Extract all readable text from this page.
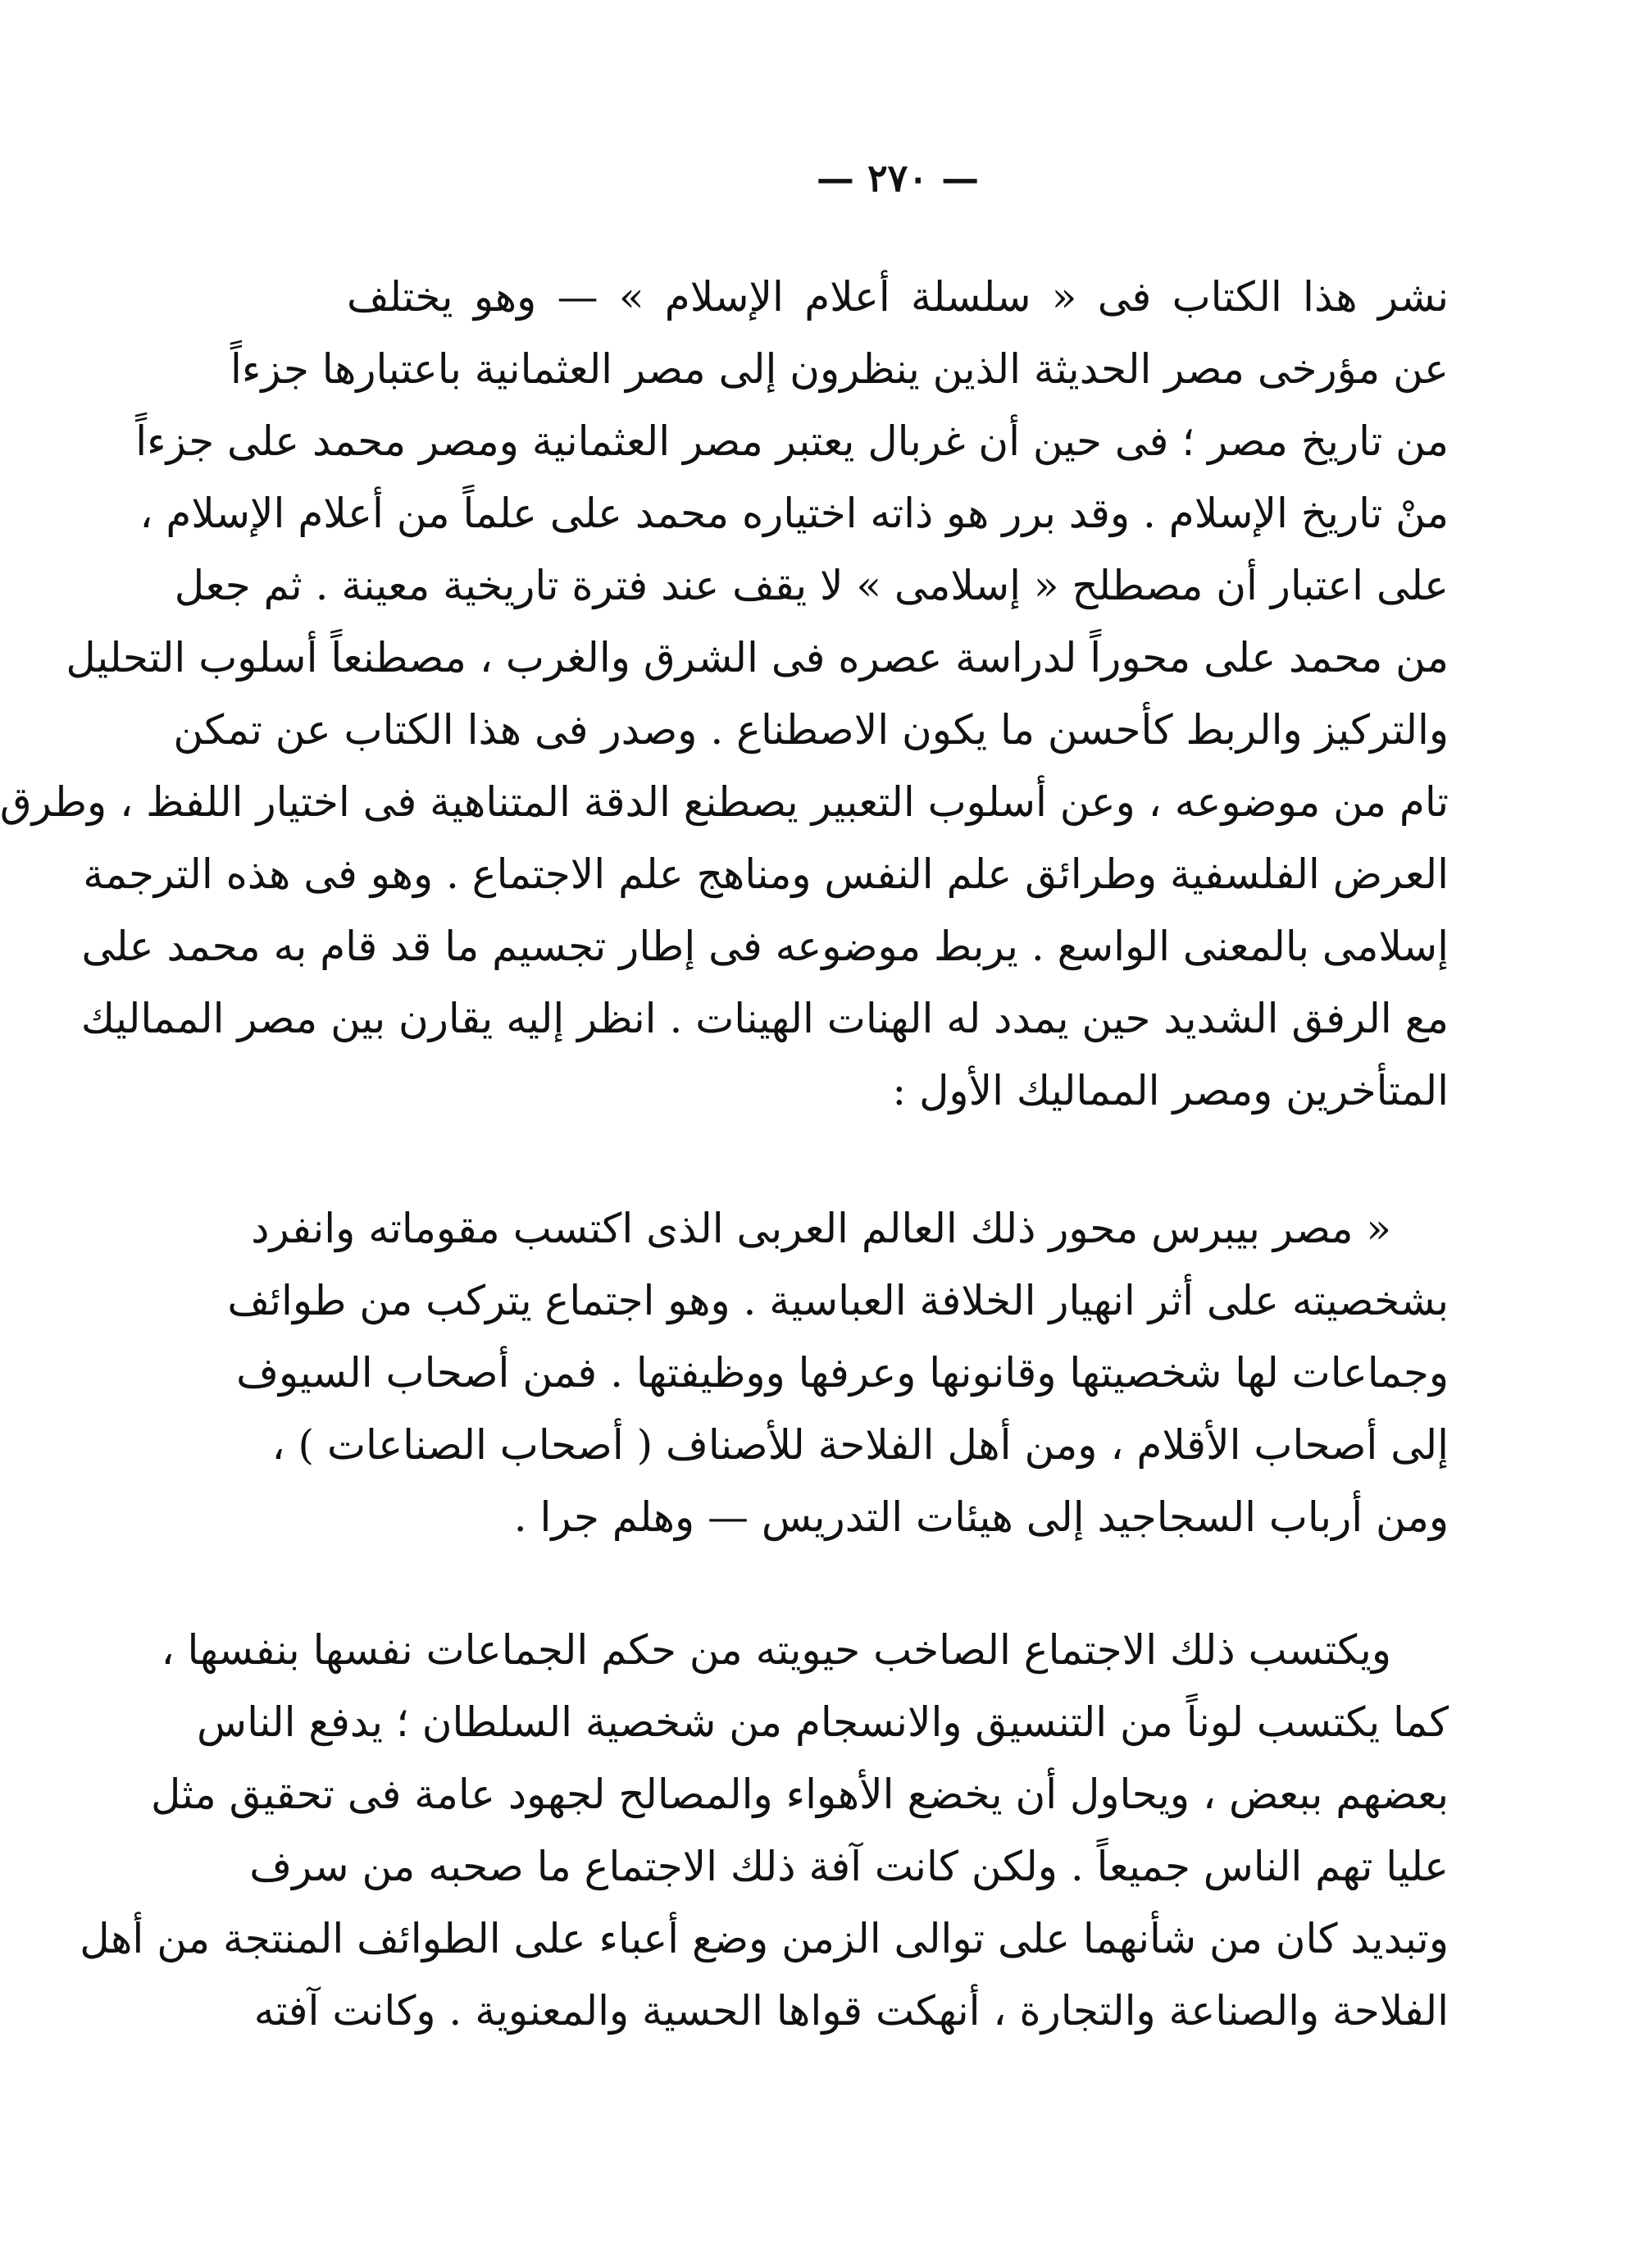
— ٢٧٠ —
نشر هذا الكتاب فى « سلسلة أعلام الإسلام » — وهو يختلف
عن مؤرخى مصر الحديثة الذين ينظرون إلى مصر العثمانية باعتبارها جزءاً
من تاريخ مصر ؛ فى حين أن غربال يعتبر مصر العثمانية ومصر محمد على جزءاً
منْ تاريخ الإسلام . وقد برر هو ذاته اختياره محمد على علماً من أعلام الإسلام ،
على اعتبار أن مصطلح « إسلامى » لا يقف عند فترة تاريخية معينة . ثم جعل
من محمد على محوراً لدراسة عصره فى الشرق والغرب ، مصطنعاً أسلوب التحليل
والتركيز والربط كأحسن ما يكون الاصطناع . وصدر فى هذا الكتاب عن تمكن
تام من موضوعه ، وعن أسلوب التعبير يصطنع الدقة المتناهية فى اختيار اللفظ ، وطرق
العرض الفلسفية وطرائق علم النفس ومناهج علم الاجتماع . وهو فى هذه الترجمة
إسلامى بالمعنى الواسع . يربط موضوعه فى إطار تجسيم ما قد قام به محمد على
مع الرفق الشديد حين يمدد له الهنات الهينات . انظر إليه يقارن بين مصر المماليك
المتأخرين ومصر المماليك الأول :
« مصر بيبرس محور ذلك العالم العربى الذى اكتسب مقوماته وانفرد
بشخصيته على أثر انهيار الخلافة العباسية . وهو اجتماع يتركب من طوائف
وجماعات لها شخصيتها وقانونها وعرفها ووظيفتها . فمن أصحاب السيوف
إلى أصحاب الأقلام ، ومن أهل الفلاحة للأصناف ( أصحاب الصناعات ) ،
ومن أرباب السجاجيد إلى هيئات التدريس — وهلم جرا .
ويكتسب ذلك الاجتماع الصاخب حيويته من حكم الجماعات نفسها بنفسها ،
كما يكتسب لوناً من التنسيق والانسجام من شخصية السلطان ؛ يدفع الناس
بعضهم ببعض ، ويحاول أن يخضع الأهواء والمصالح لجهود عامة فى تحقيق مثل
عليا تهم الناس جميعاً . ولكن كانت آفة ذلك الاجتماع ما صحبه من سرف
وتبديد كان من شأنهما على توالى الزمن وضع أعباء على الطوائف المنتجة من أهل
الفلاحة والصناعة والتجارة ، أنهكت قواها الحسية والمعنوية . وكانت آفته
